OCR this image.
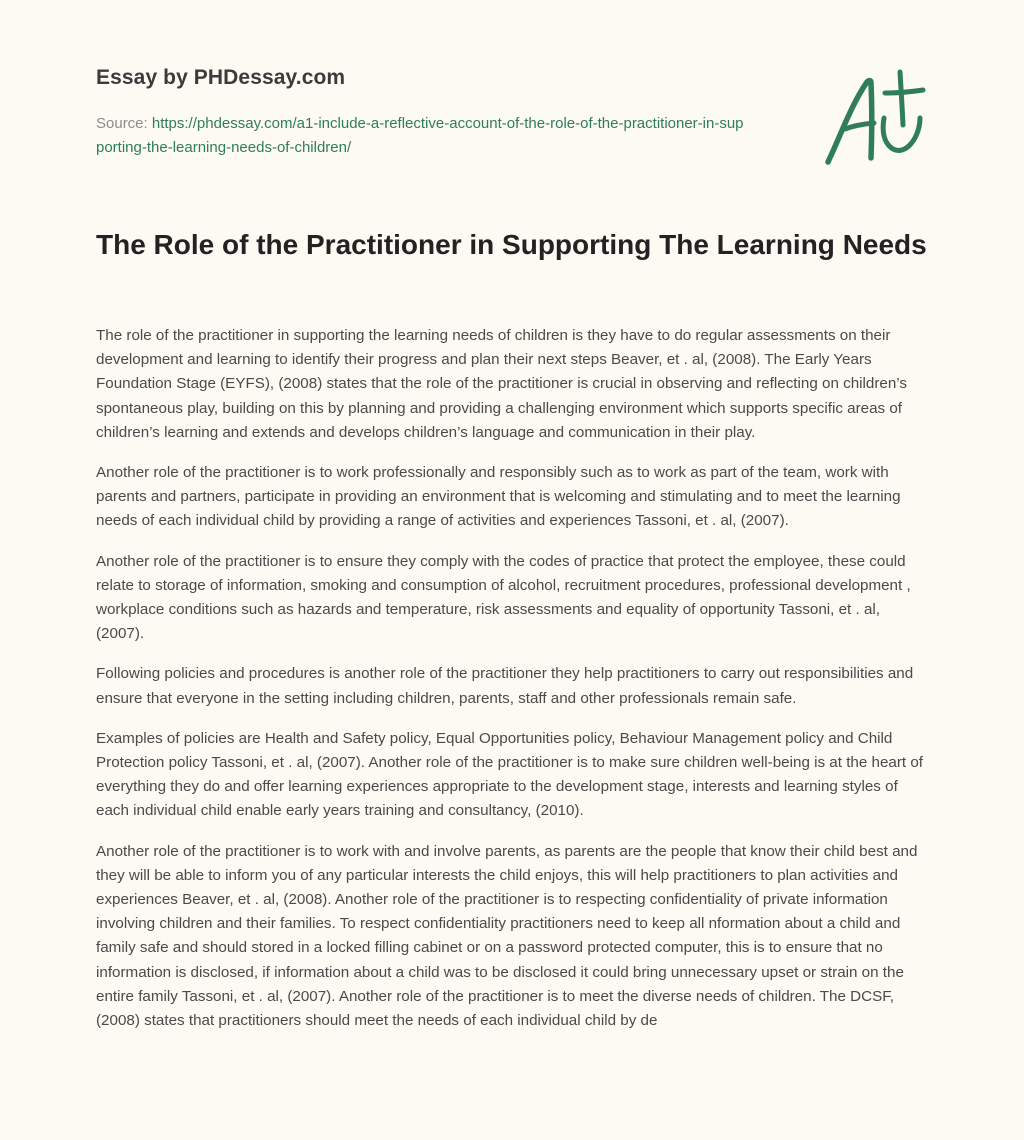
Essay by PHDessay.com

Source: https://phdessay.com/a1-include-a-reflective-account-of-the-role-of-the-practitioner-in-supporting-the-learning-needs-of-children/

The Role of the Practitioner in Supporting The Learning Needs

The role of the practitioner in supporting the learning needs of children is they have to do regular assessments on their development and learning to identify their progress and plan their next steps Beaver, et . al, (2008). The Early Years Foundation Stage (EYFS), (2008) states that the role of the practitioner is crucial in observing and reflecting on children’s spontaneous play, building on this by planning and providing a challenging environment which supports specific areas of children’s learning and extends and develops children’s language and communication in their play.

Another role of the practitioner is to work professionally and responsibly such as to work as part of the team, work with parents and partners, participate in providing an environment that is welcoming and stimulating and to meet the learning needs of each individual child by providing a range of activities and experiences Tassoni, et . al, (2007).

Another role of the practitioner is to ensure they comply with the codes of practice that protect the employee, these could relate to storage of information, smoking and consumption of alcohol, recruitment procedures, professional development , workplace conditions such as hazards and temperature, risk assessments and equality of opportunity Tassoni, et . al, (2007).

Following policies and procedures is another role of the practitioner they help practitioners to carry out responsibilities and ensure that everyone in the setting including children, parents, staff and other professionals remain safe.

Examples of policies are Health and Safety policy, Equal Opportunities policy, Behaviour Management policy and Child Protection policy Tassoni, et . al, (2007). Another role of the practitioner is to make sure children well-being is at the heart of everything they do and offer learning experiences appropriate to the development stage, interests and learning styles of each individual child enable early years training and consultancy, (2010).

Another role of the practitioner is to work with and involve parents, as parents are the people that know their child best and they will be able to inform you of any particular interests the child enjoys, this will help practitioners to plan activities and experiences Beaver, et . al, (2008). Another role of the practitioner is to respecting confidentiality of private information involving children and their families. To respect confidentiality practitioners need to keep all nformation about a child and family safe and should stored in a locked filling cabinet or on a password protected computer, this is to ensure that no information is disclosed, if information about a child was to be disclosed it could bring unnecessary upset or strain on the entire family Tassoni, et . al, (2007). Another role of the practitioner is to meet the diverse needs of children. The DCSF, (2008) states that practitioners should meet the needs of each individual child by de
